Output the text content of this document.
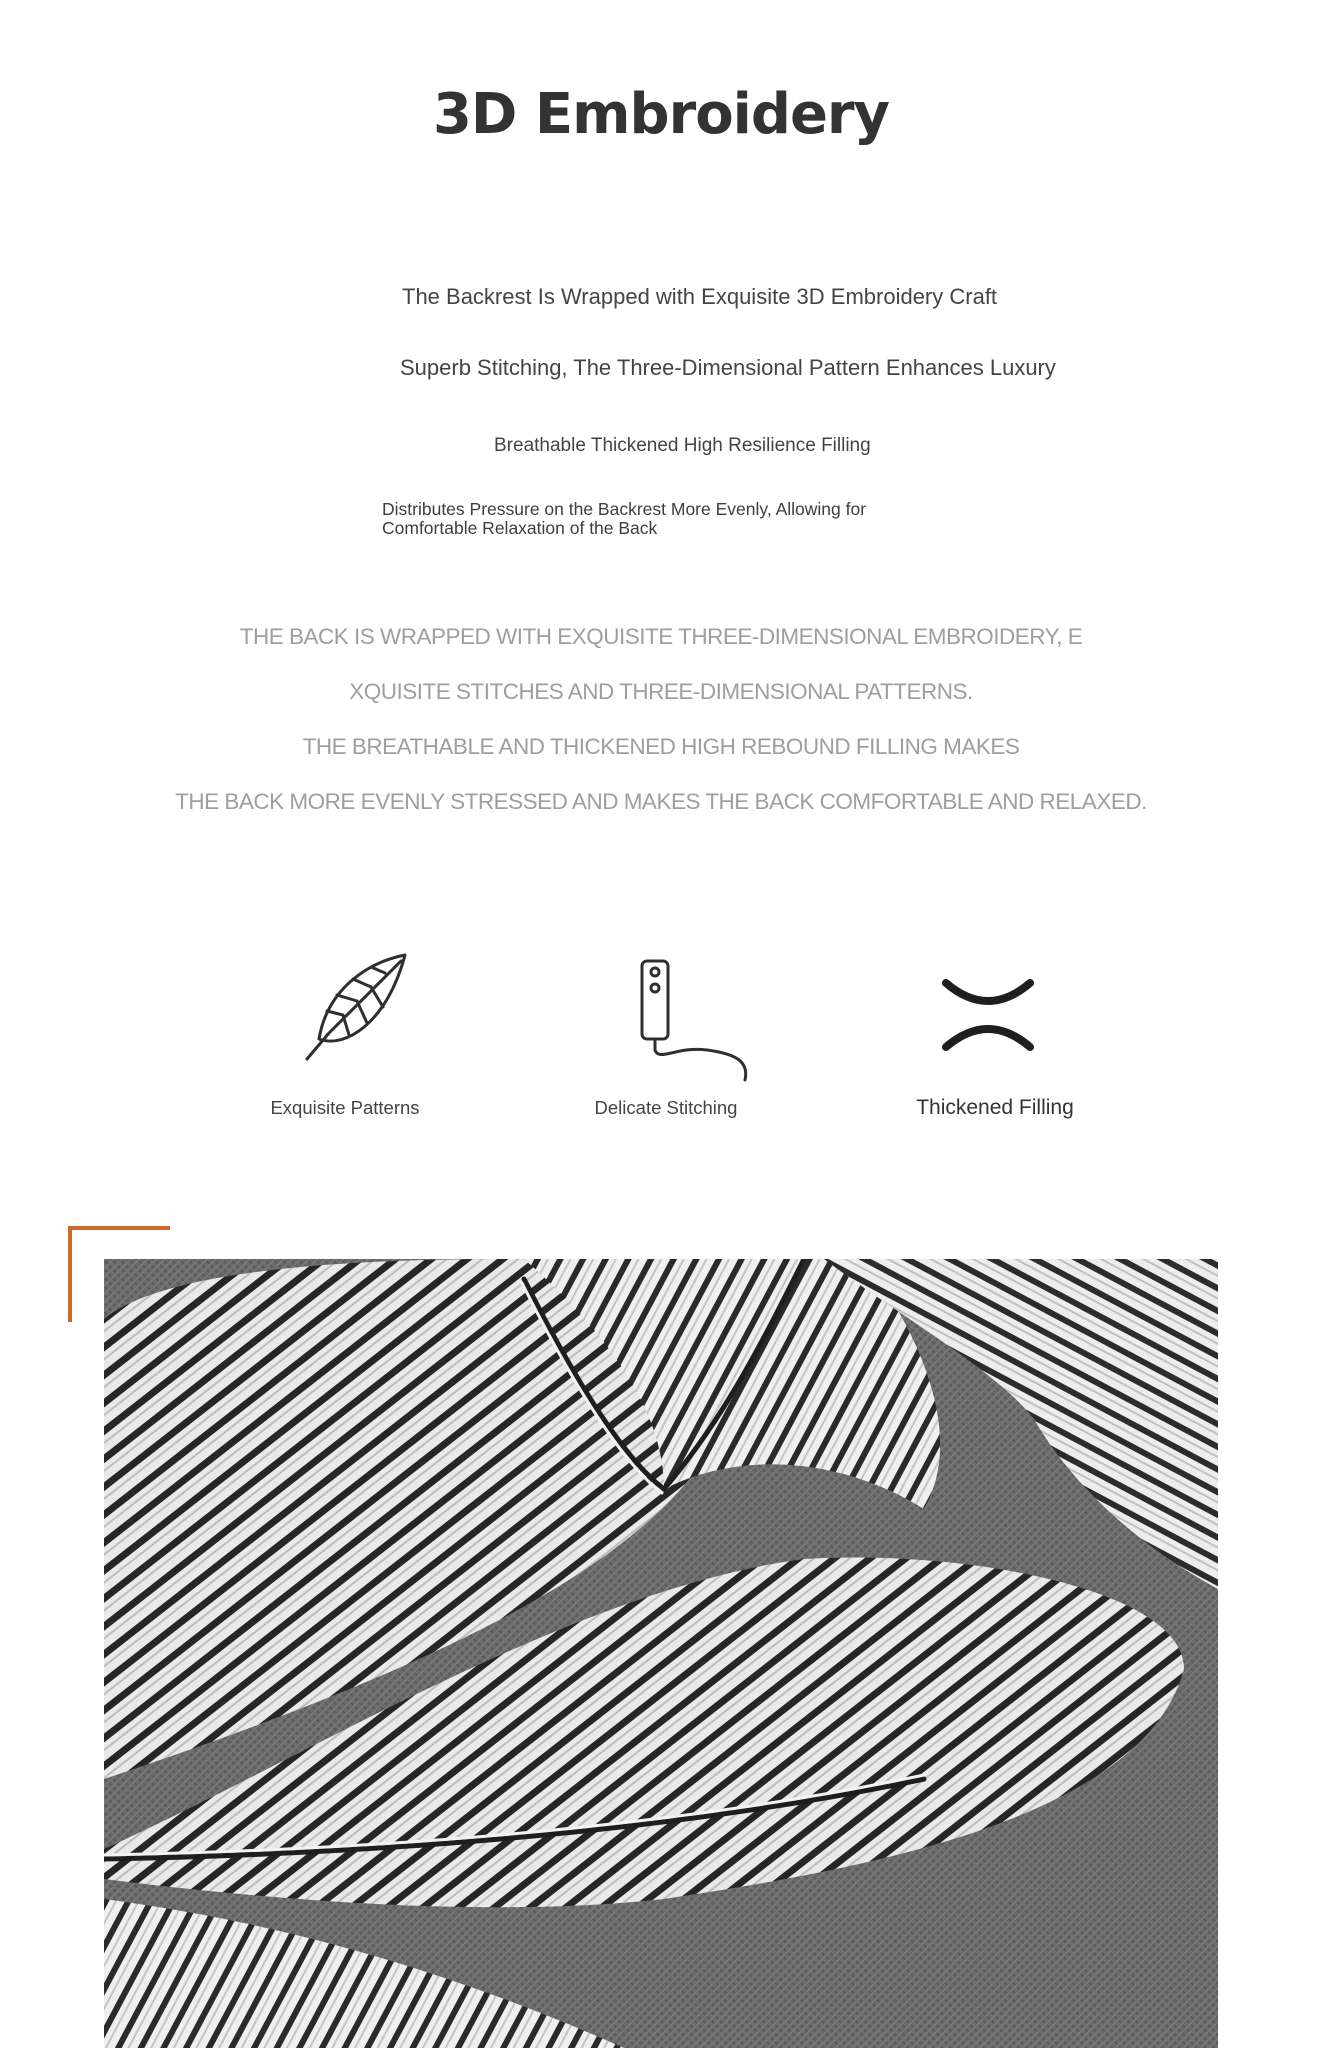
3D Embroidery
The Backrest Is Wrapped with Exquisite 3D Embroidery Craft
Superb Stitching, The Three-Dimensional Pattern Enhances Luxury
Breathable Thickened High Resilience Filling
Distributes Pressure on the Backrest More Evenly, Allowing for Comfortable Relaxation of the Back
THE BACK IS WRAPPED WITH EXQUISITE THREE-DIMENSIONAL EMBROIDERY, E
XQUISITE STITCHES AND THREE-DIMENSIONAL PATTERNS.
THE BREATHABLE AND THICKENED HIGH REBOUND FILLING MAKES
THE BACK MORE EVENLY STRESSED AND MAKES THE BACK COMFORTABLE AND RELAXED.
Exquisite Patterns	Delicate Stitching	Thickened Filling
